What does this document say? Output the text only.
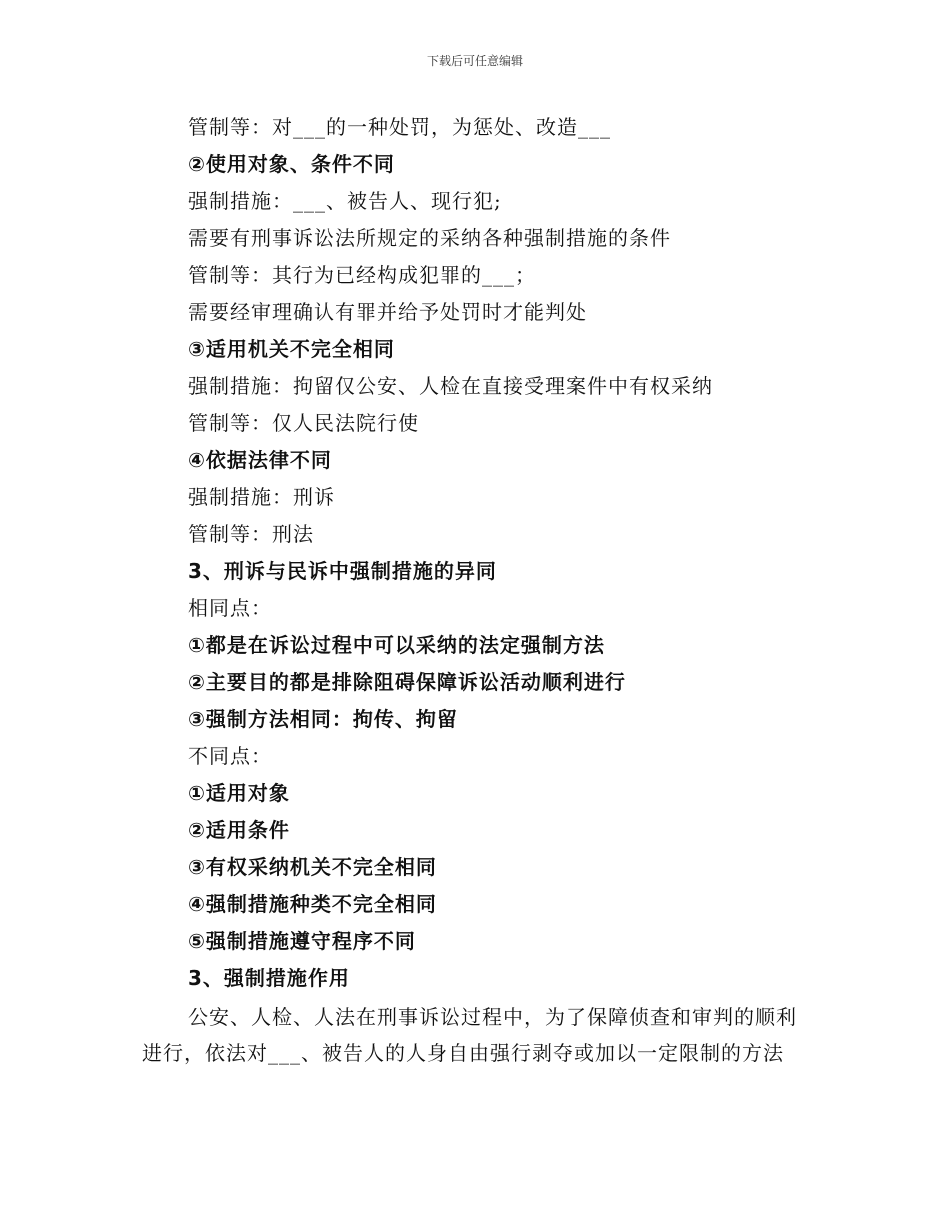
下载后可任意编辑
管制等：对___的一种处罚，为惩处、改造___
②使用对象、条件不同
强制措施：___、被告人、现行犯;
需要有刑事诉讼法所规定的采纳各种强制措施的条件
管制等：其行为已经构成犯罪的___；
需要经审理确认有罪并给予处罚时才能判处
③适用机关不完全相同
强制措施：拘留仅公安、人检在直接受理案件中有权采纳
管制等：仅人民法院行使
④依据法律不同
强制措施：刑诉
管制等：刑法
3、刑诉与民诉中强制措施的异同
相同点：
①都是在诉讼过程中可以采纳的法定强制方法
②主要目的都是排除阻碍保障诉讼活动顺利进行
③强制方法相同：拘传、拘留
不同点：
①适用对象
②适用条件
③有权采纳机关不完全相同
④强制措施种类不完全相同
⑤强制措施遵守程序不同
3、强制措施作用
公安、人检、人法在刑事诉讼过程中，为了保障侦查和审判的顺利进行，依法对___、被告人的人身自由强行剥夺或加以一定限制的方法
